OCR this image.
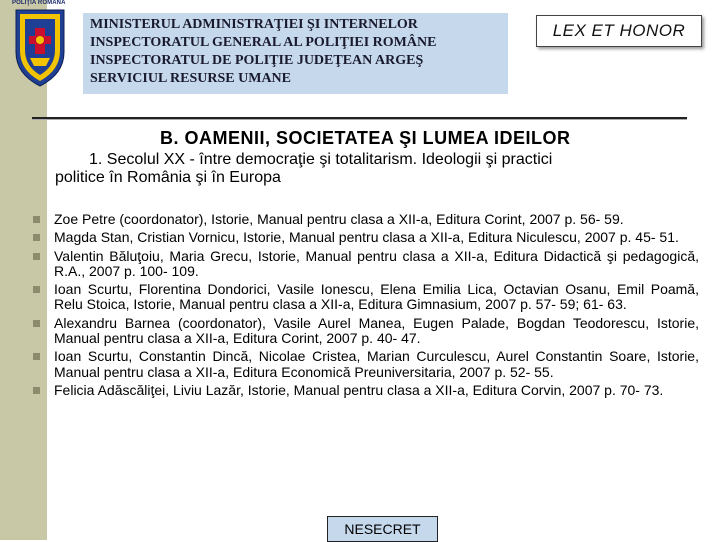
POLIŢIA ROMÂNĂ
MINISTERUL ADMINISTRAŢIEI ŞI INTERNELOR
INSPECTORATUL GENERAL AL POLIŢIEI ROMÂNE
INSPECTORATUL DE POLIŢIE JUDEŢEAN ARGEŞ
SERVICIUL RESURSE UMANE
LEX ET HONOR
B. OAMENII, SOCIETATEA ŞI LUMEA IDEILOR
1. Secolul XX - între democraţie şi totalitarism. Ideologii şi practici
politice în România şi în Europa
Zoe Petre (coordonator), Istorie, Manual pentru clasa a XII-a, Editura Corint, 2007 p. 56- 59.
Magda Stan, Cristian Vornicu, Istorie, Manual pentru clasa a XII-a, Editura Niculescu, 2007 p. 45- 51.
Valentin Băluţoiu, Maria Grecu, Istorie, Manual pentru clasa a XII-a, Editura Didactică şi pedagogică, R.A., 2007 p. 100- 109.
Ioan Scurtu, Florentina Dondorici, Vasile Ionescu, Elena Emilia Lica, Octavian Osanu, Emil Poamă, Relu Stoica, Istorie, Manual pentru clasa a XII-a, Editura Gimnasium, 2007 p. 57- 59; 61- 63.
Alexandru Barnea (coordonator), Vasile Aurel Manea, Eugen Palade, Bogdan Teodorescu, Istorie, Manual pentru clasa a XII-a, Editura Corint, 2007 p. 40- 47.
Ioan Scurtu, Constantin Dincă, Nicolae Cristea, Marian Curculescu, Aurel Constantin Soare, Istorie, Manual pentru clasa a XII-a, Editura Economică Preuniversitaria, 2007 p. 52- 55.
Felicia Adăscăliţei, Liviu Lazăr, Istorie, Manual pentru clasa a XII-a, Editura Corvin, 2007 p. 70- 73.
NESECRET
